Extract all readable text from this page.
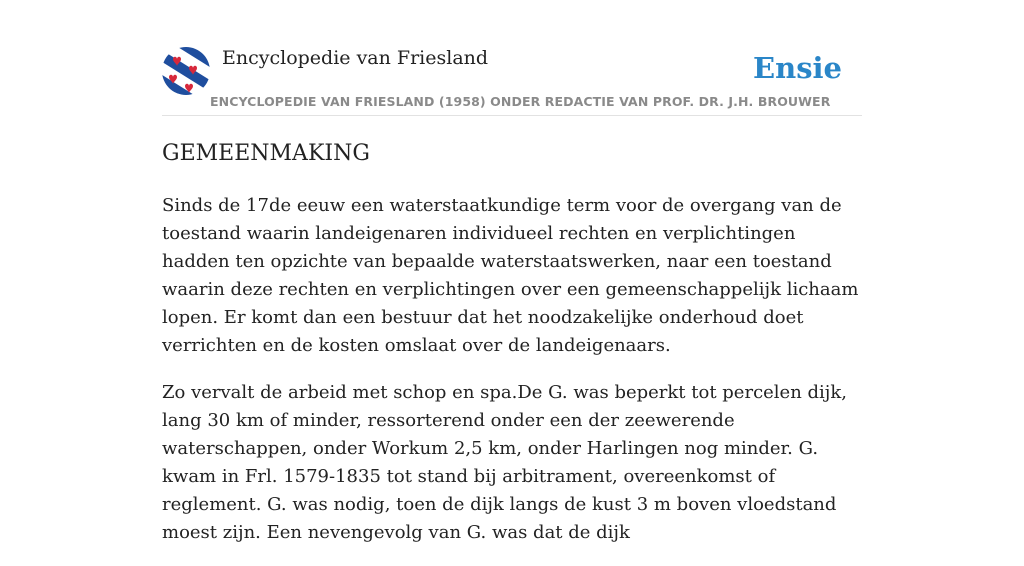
Encyclopedie van Friesland	Ensie
ENCYCLOPEDIE VAN FRIESLAND (1958) ONDER REDACTIE VAN PROF. DR. J.H. BROUWER
GEMEENMAKING

Sinds de 17de eeuw een waterstaatkundige term voor de overgang van de toestand waarin landeigenaren individueel rechten en verplichtingen hadden ten opzichte van bepaalde waterstaatswerken, naar een toestand waarin deze rechten en verplichtingen over een gemeenschappelijk lichaam lopen. Er komt dan een bestuur dat het noodzakelijke onderhoud doet verrichten en de kosten omslaat over de landeigenaars.

Zo vervalt de arbeid met schop en spa.De G. was beperkt tot percelen dijk, lang 30 km of minder, ressorterend onder een der zeewerende waterschappen, onder Workum 2,5 km, onder Harlingen nog minder. G. kwam in Frl. 1579-1835 tot stand bij arbitrament, overeenkomst of reglement. G. was nodig, toen de dijk langs de kust 3 m boven vloedstand moest zijn. Een nevengevolg van G. was dat de dijk
